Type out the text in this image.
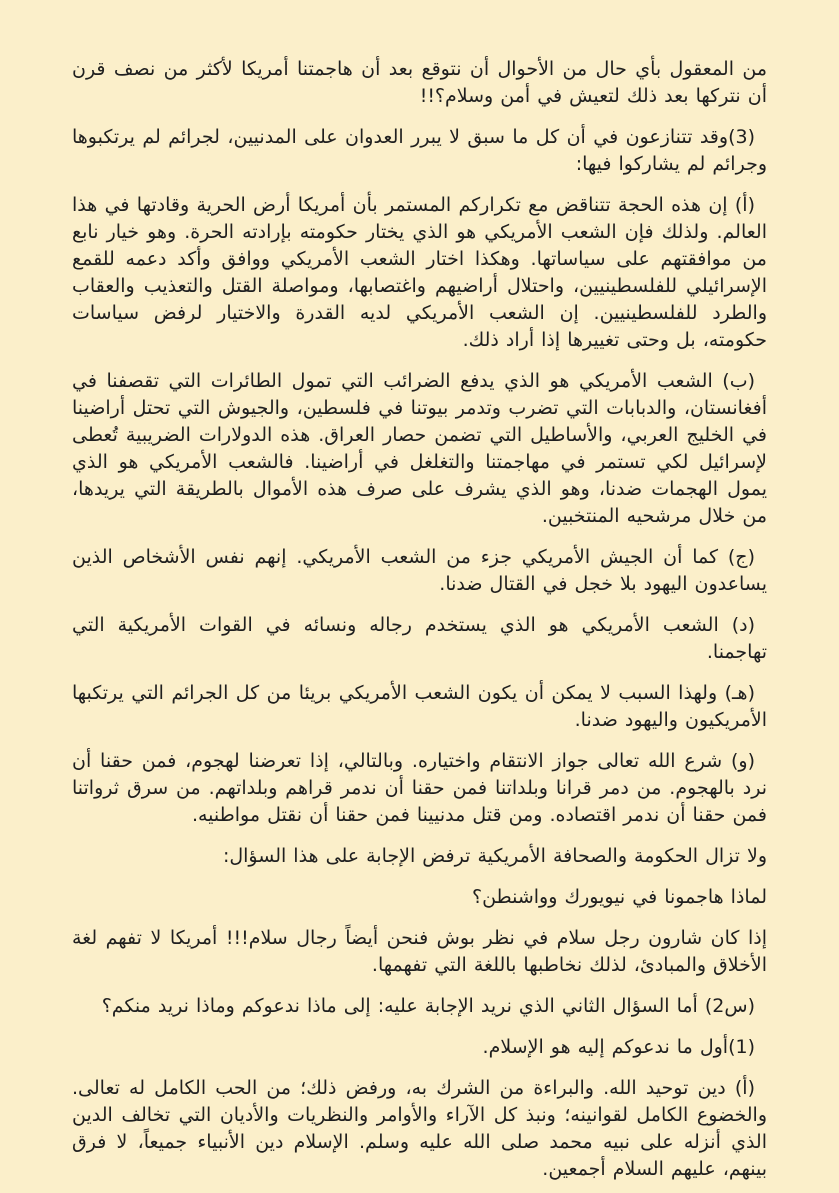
من المعقول بأي حال من الأحوال أن نتوقع بعد أن هاجمتنا أمريكا لأكثر من نصف قرن أن نتركها بعد ذلك لتعيش في أمن وسلام؟!!

(3)وقد تتنازعون في أن كل ما سبق لا يبرر العدوان على المدنيين، لجرائم لم يرتكبوها وجرائم لم يشاركوا فيها:

(أ) إن هذه الحجة تتناقض مع تكراركم المستمر بأن أمريكا أرض الحرية وقادتها في هذا العالم. ولذلك فإن الشعب الأمريكي هو الذي يختار حكومته بإرادته الحرة. وهو خيار نابع من موافقتهم على سياساتها. وهكذا اختار الشعب الأمريكي ووافق وأكد دعمه للقمع الإسرائيلي للفلسطينيين، واحتلال أراضيهم واغتصابها، ومواصلة القتل والتعذيب والعقاب والطرد للفلسطينيين. إن الشعب الأمريكي لديه القدرة والاختيار لرفض سياسات حكومته، بل وحتى تغييرها إذا أراد ذلك.

(ب) الشعب الأمريكي هو الذي يدفع الضرائب التي تمول الطائرات التي تقصفنا في أفغانستان، والدبابات التي تضرب وتدمر بيوتنا في فلسطين، والجيوش التي تحتل أراضينا في الخليج العربي، والأساطيل التي تضمن حصار العراق. هذه الدولارات الضريبية تُعطى لإسرائيل لكي تستمر في مهاجمتنا والتغلغل في أراضينا. فالشعب الأمريكي هو الذي يمول الهجمات ضدنا، وهو الذي يشرف على صرف هذه الأموال بالطريقة التي يريدها، من خلال مرشحيه المنتخبين.

(ج) كما أن الجيش الأمريكي جزء من الشعب الأمريكي. إنهم نفس الأشخاص الذين يساعدون اليهود بلا خجل في القتال ضدنا.

(د) الشعب الأمريكي هو الذي يستخدم رجاله ونسائه في القوات الأمريكية التي تهاجمنا.

(هـ) ولهذا السبب لا يمكن أن يكون الشعب الأمريكي بريئا من كل الجرائم التي يرتكبها الأمريكيون واليهود ضدنا.

(و) شرع الله تعالى جواز الانتقام واختياره. وبالتالي، إذا تعرضنا لهجوم، فمن حقنا أن نرد بالهجوم. من دمر قرانا وبلداتنا فمن حقنا أن ندمر قراهم وبلداتهم. من سرق ثرواتنا فمن حقنا أن ندمر اقتصاده. ومن قتل مدنيينا فمن حقنا أن نقتل مواطنيه.

ولا تزال الحكومة والصحافة الأمريكية ترفض الإجابة على هذا السؤال:

لماذا هاجمونا في نيويورك وواشنطن؟

إذا كان شارون رجل سلام في نظر بوش فنحن أيضاً رجال سلام!!! أمريكا لا تفهم لغة الأخلاق والمبادئ، لذلك نخاطبها باللغة التي تفهمها.

(س2) أما السؤال الثاني الذي نريد الإجابة عليه: إلى ماذا ندعوكم وماذا نريد منكم؟

(1)أول ما ندعوكم إليه هو الإسلام.

(أ) دين توحيد الله. والبراءة من الشرك به، ورفض ذلك؛ من الحب الكامل له تعالى. والخضوع الكامل لقوانينه؛ ونبذ كل الآراء والأوامر والنظريات والأديان التي تخالف الدين الذي أنزله على نبيه محمد صلى الله عليه وسلم. الإسلام دين الأنبياء جميعاً، لا فرق بينهم، عليهم السلام أجمعين.
